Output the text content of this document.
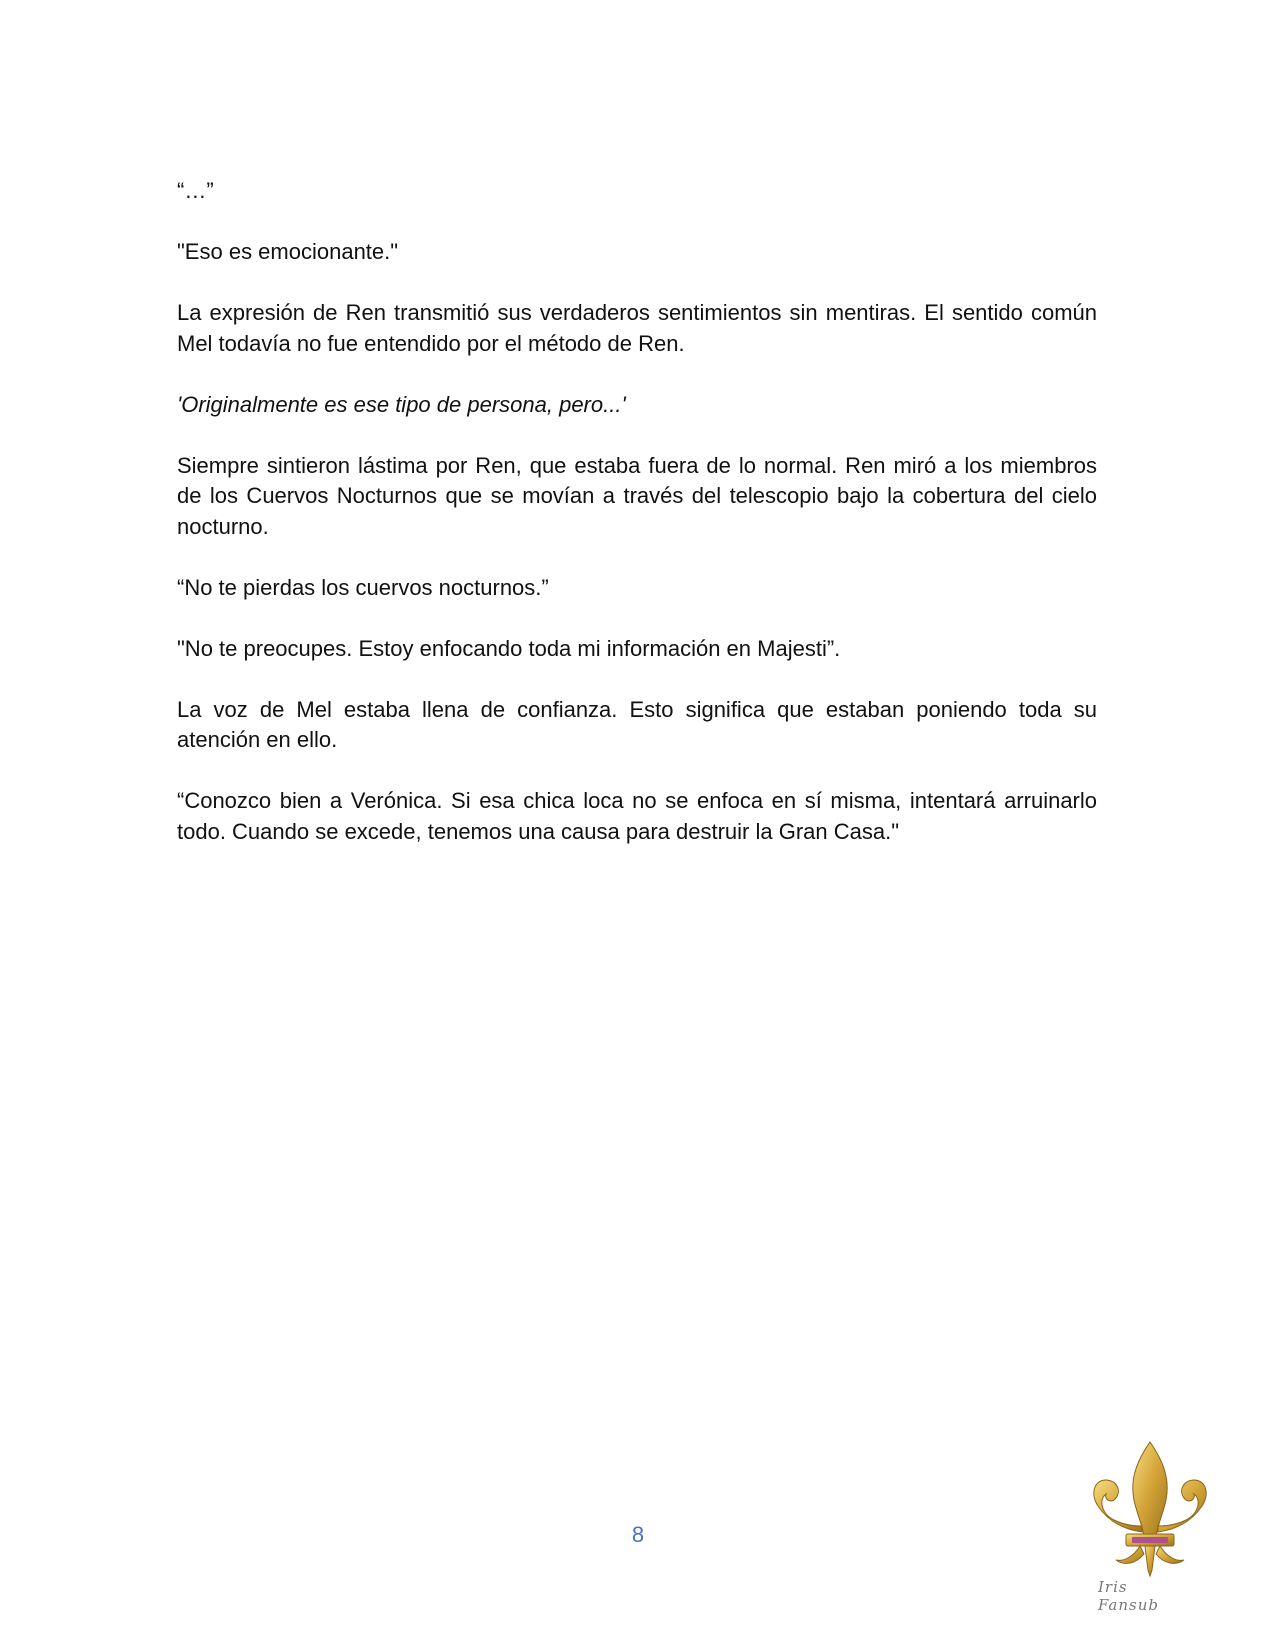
“…”

"Eso es emocionante."

La expresión de Ren transmitió sus verdaderos sentimientos sin mentiras. El sentido común Mel todavía no fue entendido por el método de Ren.

'Originalmente es ese tipo de persona, pero...'

Siempre sintieron lástima por Ren, que estaba fuera de lo normal. Ren miró a los miembros de los Cuervos Nocturnos que se movían a través del telescopio bajo la cobertura del cielo nocturno.

“No te pierdas los cuervos nocturnos.”

"No te preocupes. Estoy enfocando toda mi información en Majesti”.

La voz de Mel estaba llena de confianza. Esto significa que estaban poniendo toda su atención en ello.

“Conozco bien a Verónica. Si esa chica loca no se enfoca en sí misma, intentará arruinarlo todo. Cuando se excede, tenemos una causa para destruir la Gran Casa."

8
Iris Fansub
